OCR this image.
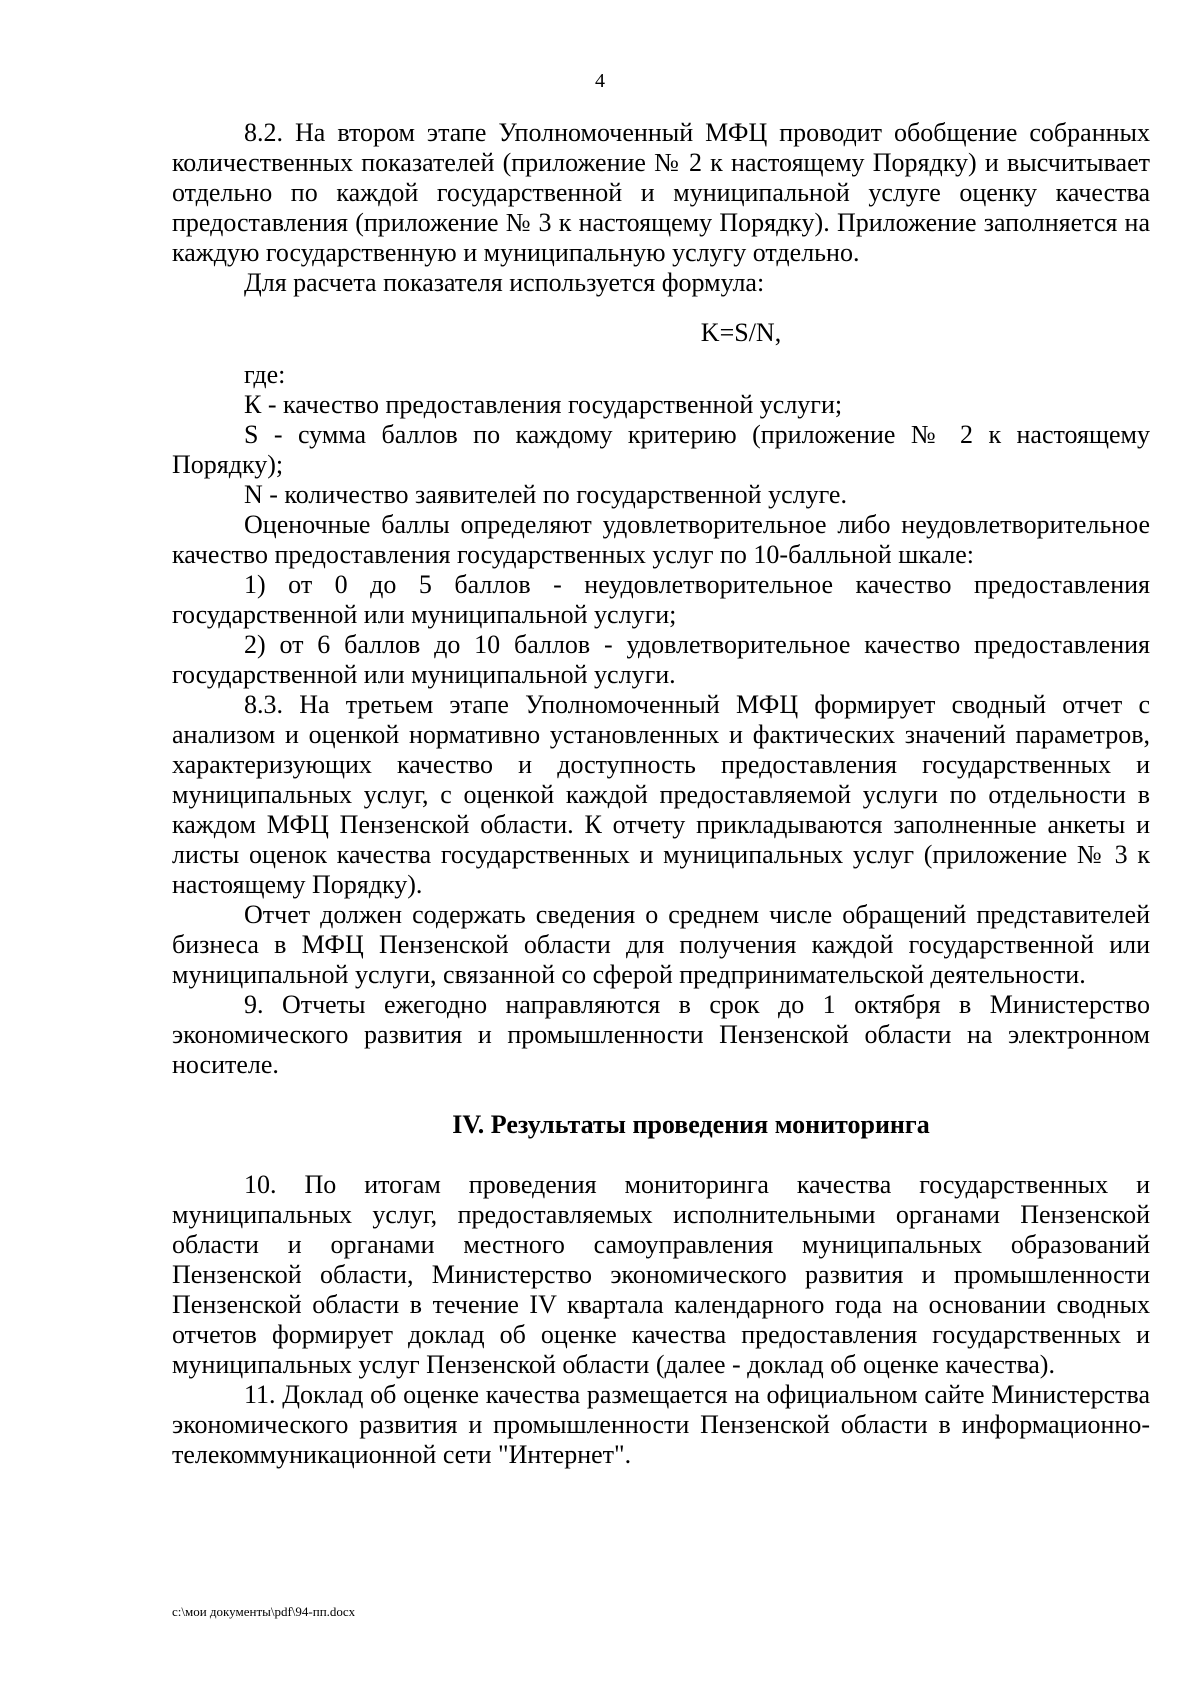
4

8.2. На втором этапе Уполномоченный МФЦ проводит обобщение собранных количественных показателей (приложение № 2 к настоящему Порядку) и высчитывает отдельно по каждой государственной и муниципальной услуге оценку качества предоставления (приложение № 3 к настоящему Порядку). Приложение заполняется на каждую государственную и муниципальную услугу отдельно.

Для расчета показателя используется формула:

K=S/N,

где:

К - качество предоставления государственной услуги;

S - сумма баллов по каждому критерию (приложение № 2 к настоящему Порядку);

N - количество заявителей по государственной услуге.

Оценочные баллы определяют удовлетворительное либо неудовлетворительное качество предоставления государственных услуг по 10-балльной шкале:

1) от 0 до 5 баллов - неудовлетворительное качество предоставления государственной или муниципальной услуги;

2) от 6 баллов до 10 баллов - удовлетворительное качество предоставления государственной или муниципальной услуги.

8.3. На третьем этапе Уполномоченный МФЦ формирует сводный отчет с анализом и оценкой нормативно установленных и фактических значений параметров, характеризующих качество и доступность предоставления государственных и муниципальных услуг, с оценкой каждой предоставляемой услуги по отдельности в каждом МФЦ Пензенской области. К отчету прикладываются заполненные анкеты и листы оценок качества государственных и муниципальных услуг (приложение № 3 к настоящему Порядку).

Отчет должен содержать сведения о среднем числе обращений представителей бизнеса в МФЦ Пензенской области для получения каждой государственной или муниципальной услуги, связанной со сферой предпринимательской деятельности.

9. Отчеты ежегодно направляются в срок до 1 октября в Министерство экономического развития и промышленности Пензенской области на электронном носителе.

IV. Результаты проведения мониторинга

10. По итогам проведения мониторинга качества государственных и муниципальных услуг, предоставляемых исполнительными органами Пензенской области и органами местного самоуправления муниципальных образований Пензенской области, Министерство экономического развития и промышленности Пензенской области в течение IV квартала календарного года на основании сводных отчетов формирует доклад об оценке качества предоставления государственных и муниципальных услуг Пензенской области (далее - доклад об оценке качества).

11. Доклад об оценке качества размещается на официальном сайте Министерства экономического развития и промышленности Пензенской области в информационно-телекоммуникационной сети "Интернет".

c:\мои документы\pdf\94-пп.docx
